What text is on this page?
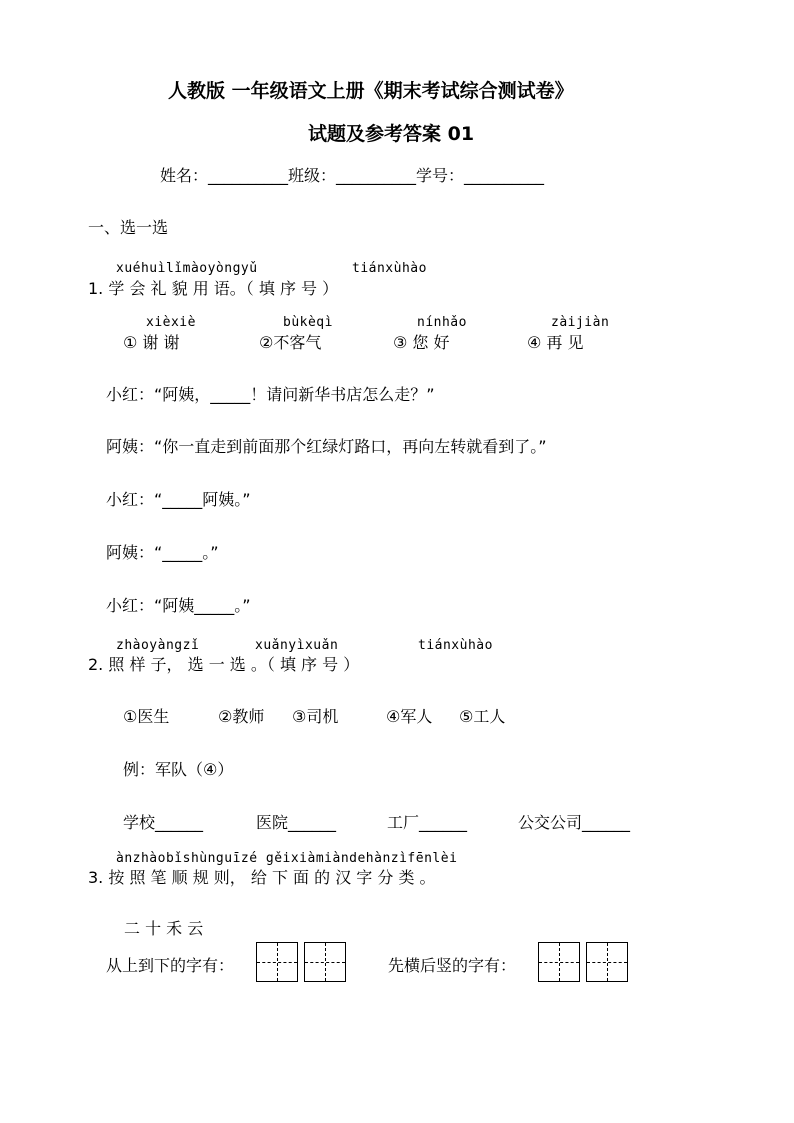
人教版 一年级语文上册《期末考试综合测试卷》
试题及参考答案 01
姓名：__________班级：__________学号：__________
一、选一选
xuéhuìlǐmàoyòngyǔ	tiánxùhào
1. 学 会 礼 貌 用 语。（ 填 序 号 ）
xièxiè	bùkèqì	nínhǎo	zàijiàn
① 谢 谢	②不客气	③ 您 好	④ 再 见
小红：“阿姨，_____！请问新华书店怎么走？”
阿姨：“你一直走到前面那个红绿灯路口，再向左转就看到了。”
小红：“_____阿姨。”
阿姨：“_____。”
小红：“阿姨_____。”
zhàoyàngzǐ	xuǎnyìxuǎn	tiánxùhào
2. 照 样 子， 选 一 选 。（ 填 序 号 ）
①医生	②教师 ③司机	④军人 ⑤工人
例：军队（④）
学校______	医院______	工厂______	公交公司______
ànzhàobǐshùnguīzé gěixiàmiàndehànzìfēnlèi
3. 按 照 笔 顺 规 则， 给 下 面 的 汉 字 分 类 。
二 十 禾 云
从上到下的字有：	先横后竖的字有：
